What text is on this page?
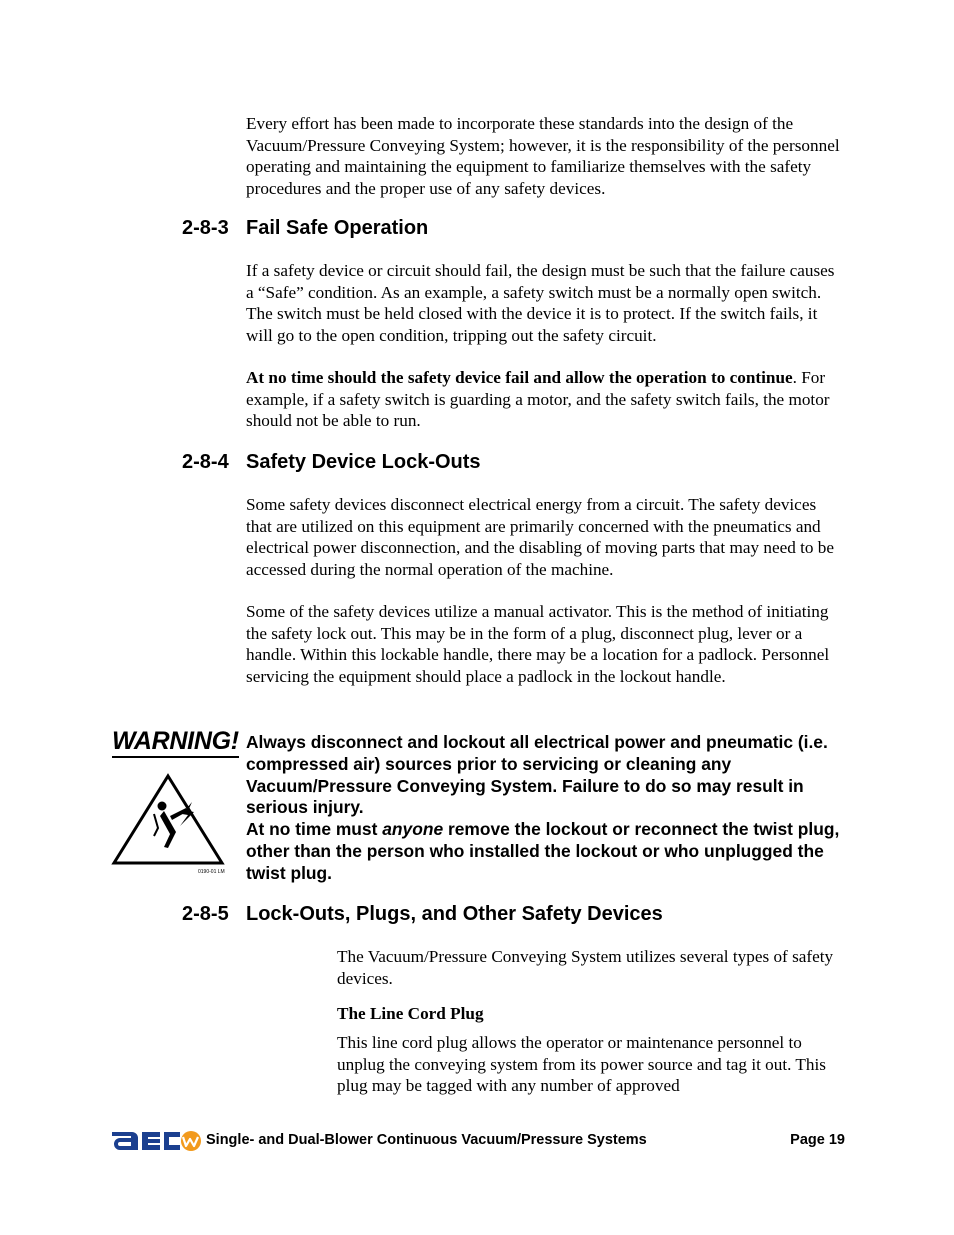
Every effort has been made to incorporate these standards into the design of the Vacuum/Pressure Conveying System; however, it is the responsibility of the personnel operating and maintaining the equipment to familiarize themselves with the safety procedures and the proper use of any safety devices.

2-8-3 Fail Safe Operation

If a safety device or circuit should fail, the design must be such that the failure causes a “Safe” condition. As an example, a safety switch must be a normally open switch. The switch must be held closed with the device it is to protect. If the switch fails, it will go to the open condition, tripping out the safety circuit.

At no time should the safety device fail and allow the operation to continue. For example, if a safety switch is guarding a motor, and the safety switch fails, the motor should not be able to run.

2-8-4 Safety Device Lock-Outs

Some safety devices disconnect electrical energy from a circuit. The safety devices that are utilized on this equipment are primarily concerned with the pneumatics and electrical power disconnection, and the disabling of moving parts that may need to be accessed during the normal operation of the machine.

Some of the safety devices utilize a manual activator. This is the method of initiating the safety lock out. This may be in the form of a plug, disconnect plug, lever or a handle. Within this lockable handle, there may be a location for a padlock. Personnel servicing the equipment should place a padlock in the lockout handle.

WARNING!
0190-01 LM
Always disconnect and lockout all electrical power and pneumatic (i.e. compressed air) sources prior to servicing or cleaning any Vacuum/Pressure Conveying System. Failure to do so may result in serious injury.
At no time must anyone remove the lockout or reconnect the twist plug, other than the person who installed the lockout or who unplugged the twist plug.
2-8-5 Lock-Outs, Plugs, and Other Safety Devices

The Vacuum/Pressure Conveying System utilizes several types of safety devices.

The Line Cord Plug

This line cord plug allows the operator or maintenance personnel to unplug the conveying system from its power source and tag it out. This plug may be tagged with any number of approved

Single- and Dual-Blower Continuous Vacuum/Pressure Systems	Page 19
